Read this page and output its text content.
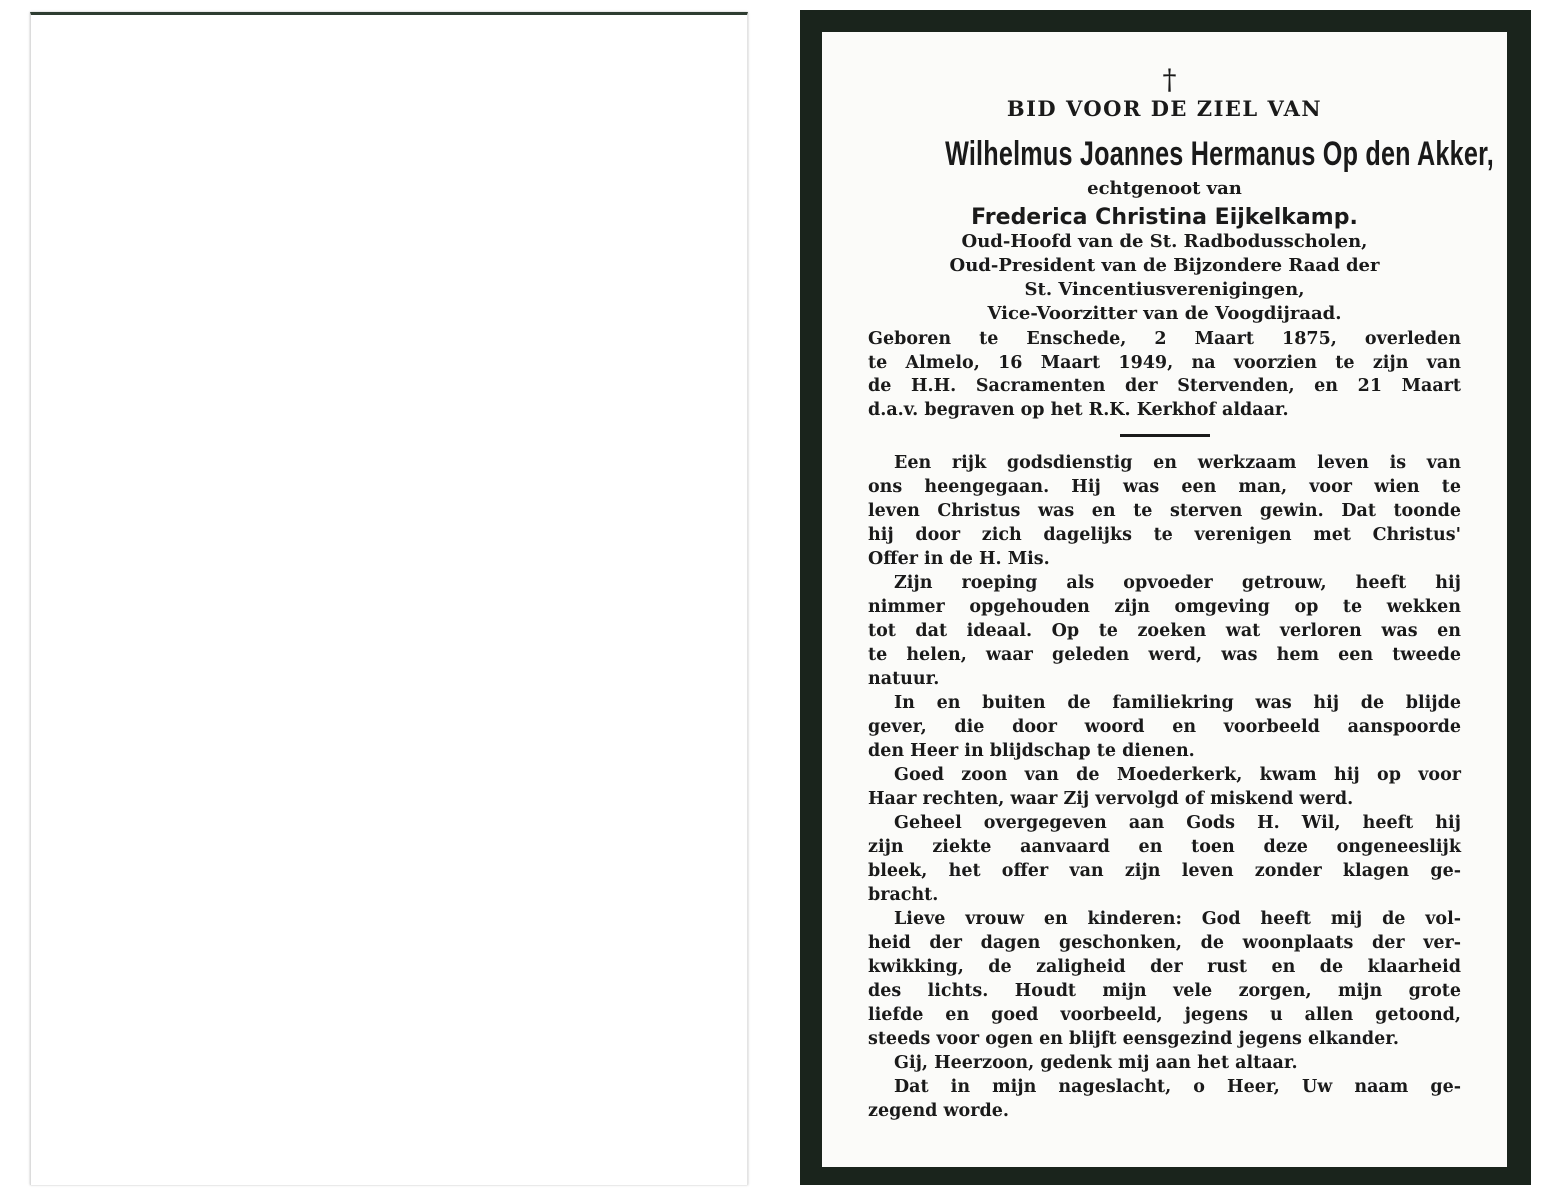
†
BID VOOR DE ZIEL VAN
Wilhelmus Joannes Hermanus Op den Akker,
echtgenoot van
Frederica Christina Eijkelkamp.
Oud-Hoofd van de St. Radbodusscholen,
Oud-President van de Bijzondere Raad der
St. Vincentiusverenigingen,
Vice-Voorzitter van de Voogdijraad.
Geboren te Enschede, 2 Maart 1875, overleden
te Almelo, 16 Maart 1949, na voorzien te zijn van
de H.H. Sacramenten der Stervenden, en 21 Maart
d.a.v. begraven op het R.K. Kerkhof aldaar.

Een rijk godsdienstig en werkzaam leven is van
ons heengegaan. Hij was een man, voor wien te
leven Christus was en te sterven gewin. Dat toonde
hij door zich dagelijks te verenigen met Christus'
Offer in de H. Mis.

Zijn roeping als opvoeder getrouw, heeft hij
nimmer opgehouden zijn omgeving op te wekken
tot dat ideaal. Op te zoeken wat verloren was en
te helen, waar geleden werd, was hem een tweede
natuur.

In en buiten de familiekring was hij de blijde
gever, die door woord en voorbeeld aanspoorde
den Heer in blijdschap te dienen.

Goed zoon van de Moederkerk, kwam hij op voor
Haar rechten, waar Zij vervolgd of miskend werd.

Geheel overgegeven aan Gods H. Wil, heeft hij
zijn ziekte aanvaard en toen deze ongeneeslijk
bleek, het offer van zijn leven zonder klagen ge-
bracht.

Lieve vrouw en kinderen: God heeft mij de vol-
heid der dagen geschonken, de woonplaats der ver-
kwikking, de zaligheid der rust en de klaarheid
des lichts. Houdt mijn vele zorgen, mijn grote
liefde en goed voorbeeld, jegens u allen getoond,
steeds voor ogen en blijft eensgezind jegens elkander.

Gij, Heerzoon, gedenk mij aan het altaar.

Dat in mijn nageslacht, o Heer, Uw naam ge-
zegend worde.
